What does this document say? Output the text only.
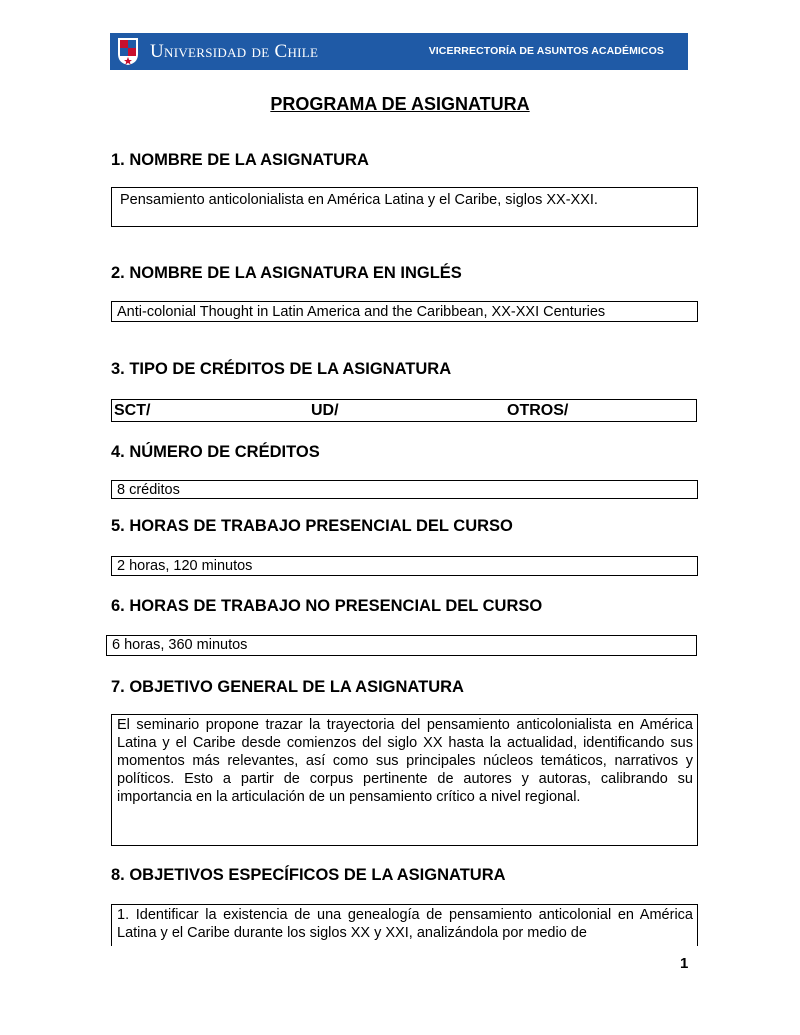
Universidad de Chile	VICERRECTORÍA DE ASUNTOS ACADÉMICOS
PROGRAMA DE ASIGNATURA
1. NOMBRE DE LA ASIGNATURA
Pensamiento anticolonialista en América Latina y el Caribe, siglos XX-XXI.
2. NOMBRE DE LA ASIGNATURA EN INGLÉS
Anti-colonial Thought in Latin America and the Caribbean, XX-XXI Centuries
3. TIPO DE CRÉDITOS DE LA ASIGNATURA
SCT/	UD/	OTROS/
4. NÚMERO DE CRÉDITOS
8 créditos
5. HORAS DE TRABAJO PRESENCIAL DEL CURSO
2 horas, 120 minutos
6. HORAS DE TRABAJO NO PRESENCIAL DEL CURSO
6 horas, 360 minutos
7. OBJETIVO GENERAL DE LA ASIGNATURA
El seminario propone trazar la trayectoria del pensamiento anticolonialista en América Latina y el Caribe desde comienzos del siglo XX hasta la actualidad, identificando sus momentos más relevantes, así como sus principales núcleos temáticos, narrativos y políticos. Esto a partir de corpus pertinente de autores y autoras, calibrando su importancia en la articulación de un pensamiento crítico a nivel regional.
8. OBJETIVOS ESPECÍFICOS DE LA ASIGNATURA
1. Identificar la existencia de una genealogía de pensamiento anticolonial en América Latina y el Caribe durante los siglos XX y XXI, analizándola por medio de
1
